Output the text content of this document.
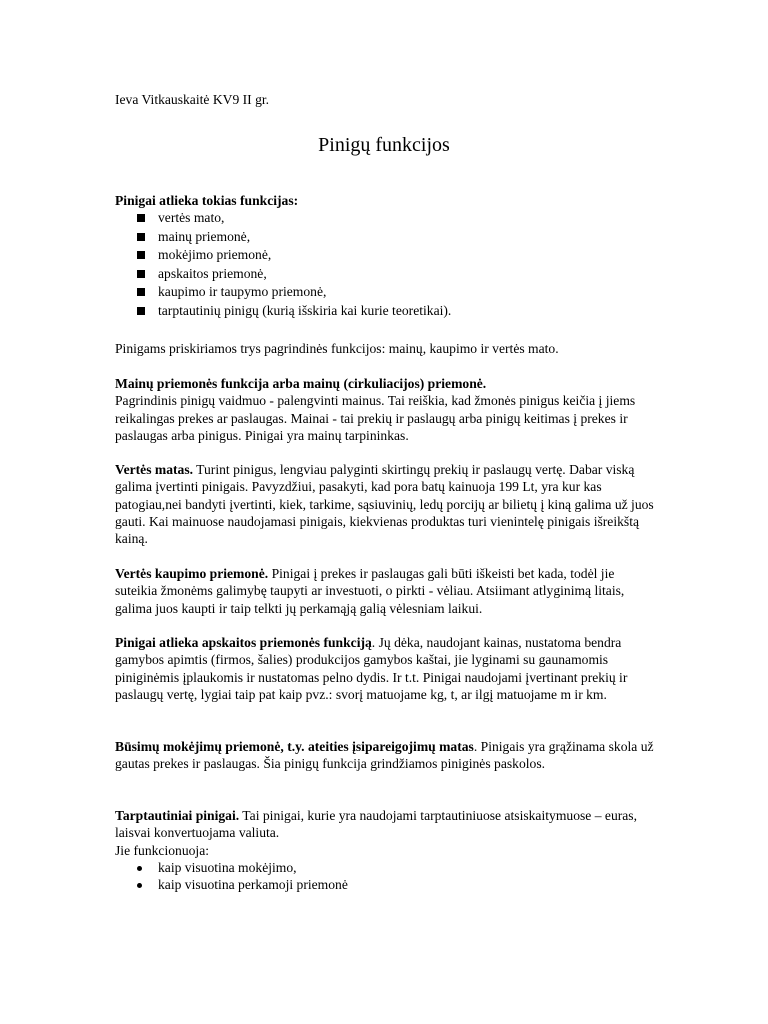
Ieva Vitkauskaitė KV9 II gr.
Pinigų funkcijos

Pinigai atlieka tokias funkcijas:

vertės mato,
mainų priemonė,
mokėjimo priemonė,
apskaitos priemonė,
kaupimo ir taupymo priemonė,
tarptautinių pinigų (kurią išskiria kai kurie teoretikai).

Pinigams priskiriamos trys pagrindinės funkcijos: mainų, kaupimo ir vertės mato.

Mainų priemonės funkcija arba mainų (cirkuliacijos) priemonė.

Pagrindinis pinigų vaidmuo - palengvinti mainus. Tai reiškia, kad žmonės pinigus keičia į jiems reikalingas prekes ar paslaugas. Mainai - tai prekių ir paslaugų arba pinigų keitimas į prekes ir paslaugas arba pinigus. Pinigai yra mainų tarpininkas.

Vertės matas. Turint pinigus, lengviau palyginti skirtingų prekių ir paslaugų vertę. Dabar viską galima įvertinti pinigais. Pavyzdžiui, pasakyti, kad pora batų kainuoja 199 Lt, yra kur kas patogiau,nei bandyti įvertinti, kiek, tarkime, sąsiuvinių, ledų porcijų ar bilietų į kiną galima už juos gauti. Kai mainuose naudojamasi pinigais, kiekvienas produktas turi vienintelę pinigais išreikštą kainą.

Vertės kaupimo priemonė. Pinigai į prekes ir paslaugas gali būti iškeisti bet kada, todėl jie suteikia žmonėms galimybę taupyti ar investuoti, o pirkti - vėliau. Atsiimant atlyginimą litais, galima juos kaupti ir taip telkti jų perkamąją galią vėlesniam laikui.

Pinigai atlieka apskaitos priemonės funkciją. Jų dėka, naudojant kainas, nustatoma bendra gamybos apimtis (firmos, šalies) produkcijos gamybos kaštai, jie lyginami su gaunamomis piniginėmis įplaukomis ir nustatomas pelno dydis. Ir t.t. Pinigai naudojami įvertinant prekių ir paslaugų vertę, lygiai taip pat kaip pvz.: svorį matuojame kg, t, ar ilgį matuojame m ir km.

Būsimų mokėjimų priemonė, t.y. ateities įsipareigojimų matas. Pinigais yra grąžinama skola už gautas prekes ir paslaugas. Šia pinigų funkcija grindžiamos piniginės paskolos.

Tarptautiniai pinigai. Tai pinigai, kurie yra naudojami tarptautiniuose atsiskaitymuose – euras, laisvai konvertuojama valiuta.

Jie funkcionuoja:

kaip visuotina mokėjimo,
kaip visuotina perkamoji priemonė
